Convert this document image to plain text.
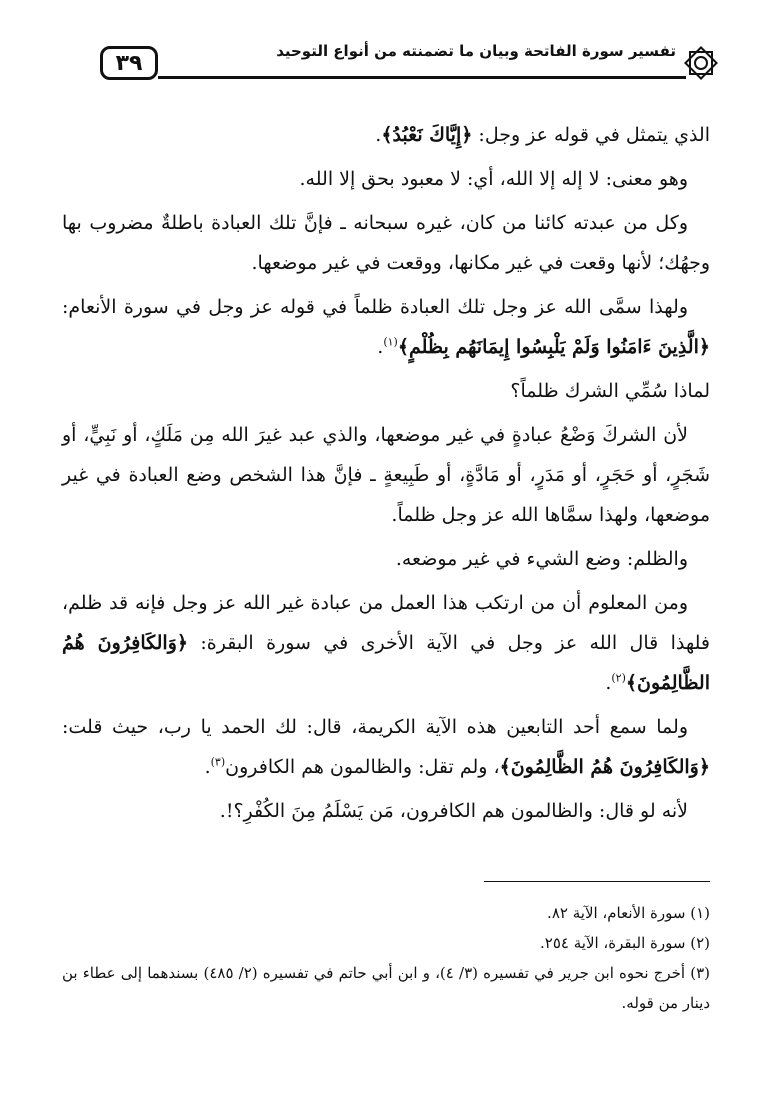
٣٩	تفسير سورة الفاتحة وبيان ما تضمنته من أنواع التوحيد

الذي يتمثل في قوله عز وجل: ﴿إِيَّاكَ نَعْبُدُ﴾.

وهو معنى: لا إله إلا الله، أي: لا معبود بحق إلا الله.

وكل من عبدته كائنا من كان، غيره سبحانه ـ فإنَّ تلك العبادة باطلةٌ مضروب بها وجهُك؛ لأنها وقعت في غير مكانها، ووقعت في غير موضعها.

ولهذا سمَّى الله عز وجل تلك العبادة ظلماً في قوله عز وجل في سورة الأنعام: ﴿الَّذِينَ ءَامَنُوا وَلَمْ يَلْبِسُوا إِيمَانَهُم بِظُلْمٍ﴾$^{(١)}$.

لماذا سُمِّي الشرك ظلماً؟

لأن الشركَ وَضْعُ عبادةٍ في غير موضعها، والذي عبد غيرَ الله مِن مَلَكٍ، أو نَبِيٍّ، أو شَجَرٍ، أو حَجَرٍ، أو مَدَرٍ، أو مَادَّةٍ، أو طَبِيعةٍ ـ فإنَّ هذا الشخص وضع العبادة في غير موضعها، ولهذا سمَّاها الله عز وجل ظلماً.

والظلم: وضع الشيء في غير موضعه.

ومن المعلوم أن من ارتكب هذا العمل من عبادة غير الله عز وجل فإنه قد ظلم، فلهذا قال الله عز وجل في الآية الأخرى في سورة البقرة: ﴿وَالكَافِرُونَ هُمُ الظَّالِمُونَ﴾$^{(٢)}$.

ولما سمع أحد التابعين هذه الآية الكريمة، قال: لك الحمد يا رب، حيث قلت: ﴿وَالكَافِرُونَ هُمُ الظَّالِمُونَ﴾، ولم تقل: والظالمون هم الكافرون$^{(٣)}$.

لأنه لو قال: والظالمون هم الكافرون، مَن يَسْلَمُ مِنَ الكُفْرِ؟!.

(١) سورة الأنعام، الآية ٨٢.

(٢) سورة البقرة، الآية ٢٥٤.

(٣) أخرج نحوه ابن جرير في تفسيره (٣/ ٤)، و ابن أبي حاتم في تفسيره (٢/ ٤٨٥) بسندهما إلى عطاء بن دينار من قوله.
